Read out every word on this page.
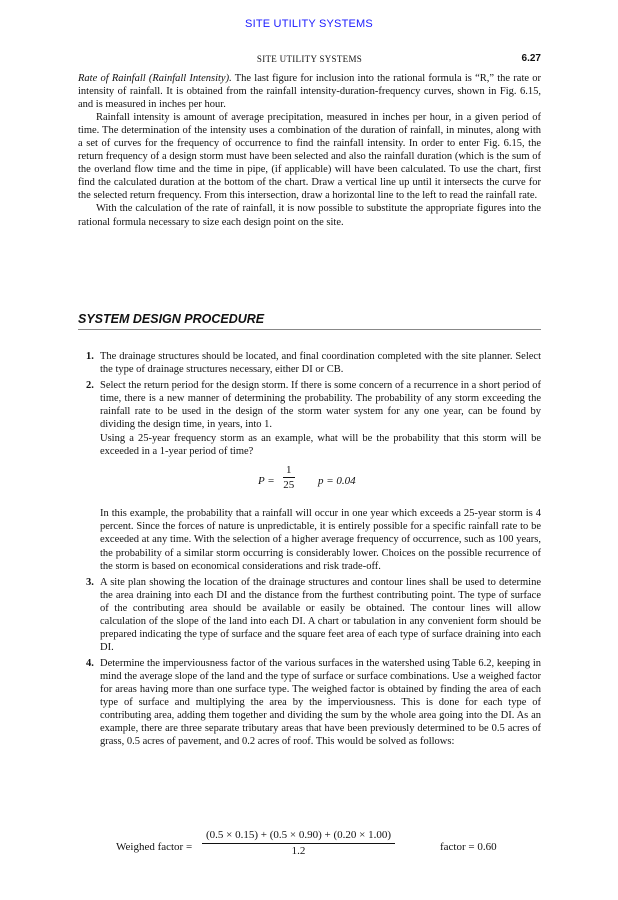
SITE UTILITY SYSTEMS
SITE UTILITY SYSTEMS	6.27

Rate of Rainfall (Rainfall Intensity). The last figure for inclusion into the rational formula is “R,” the rate or intensity of rainfall. It is obtained from the rainfall intensity-duration-frequency curves, shown in Fig. 6.15, and is measured in inches per hour.

Rainfall intensity is amount of average precipitation, measured in inches per hour, in a given period of time. The determination of the intensity uses a combination of the duration of rainfall, in minutes, along with a set of curves for the frequency of occurrence to find the rainfall intensity. In order to enter Fig. 6.15, the return frequency of a design storm must have been selected and also the rainfall duration (which is the sum of the overland flow time and the time in pipe, (if applicable) will have been calculated. To use the chart, first find the calculated duration at the bottom of the chart. Draw a vertical line up until it intersects the curve for the selected return frequency. From this intersection, draw a horizontal line to the left to read the rainfall rate.

With the calculation of the rate of rainfall, it is now possible to substitute the appropriate figures into the rational formula necessary to size each design point on the site.

SYSTEM DESIGN PROCEDURE
1. The drainage structures should be located, and final coordination completed with the site planner. Select the type of drainage structures necessary, either DI or CB.

2. Select the return period for the design storm. If there is some concern of a recurrence in a short period of time, there is a new manner of determining the probability. The probability of any storm exceeding the rainfall rate to be used in the design of the storm water system for any one year, can be found by dividing the design time, in years, into 1.

Using a 25-year frequency storm as an example, what will be the probability that this storm will be exceeded in a 1-year period of time?

$P = \frac{1}{25}$ p = 0.04

In this example, the probability that a rainfall will occur in one year which exceeds a 25-year storm is 4 percent. Since the forces of nature is unpredictable, it is entirely possible for a specific rainfall rate to be exceeded at any time. With the selection of a higher average frequency of occurrence, such as 100 years, the probability of a similar storm occurring is considerably lower. Choices on the possible recurrence of the storm is based on economical considerations and risk trade-off.

3. A site plan showing the location of the drainage structures and contour lines shall be used to determine the area draining into each DI and the distance from the furthest contributing point. The type of surface of the contributing area should be available or easily be obtained. The contour lines will allow calculation of the slope of the land into each DI. A chart or tabulation in any convenient form should be prepared indicating the type of surface and the square feet area of each type of surface draining into each DI.

4. Determine the imperviousness factor of the various surfaces in the watershed using Table 6.2, keeping in mind the average slope of the land and the type of surface or surface combinations. Use a weighed factor for areas having more than one surface type. The weighed factor is obtained by finding the area of each type of surface and multiplying the area by the imperviousness. This is done for each type of contributing area, adding them together and dividing the sum by the whole area going into the DI. As an example, there are three separate tributary areas that have been previously determined to be 0.5 acres of grass, 0.5 acres of pavement, and 0.2 acres of roof. This would be solved as follows:

Weighed factor = $\frac{(0.5 \times 0.15) + (0.5 \times 0.90) + (0.20 \times 1.00)}{1.2}$	factor = 0.60
